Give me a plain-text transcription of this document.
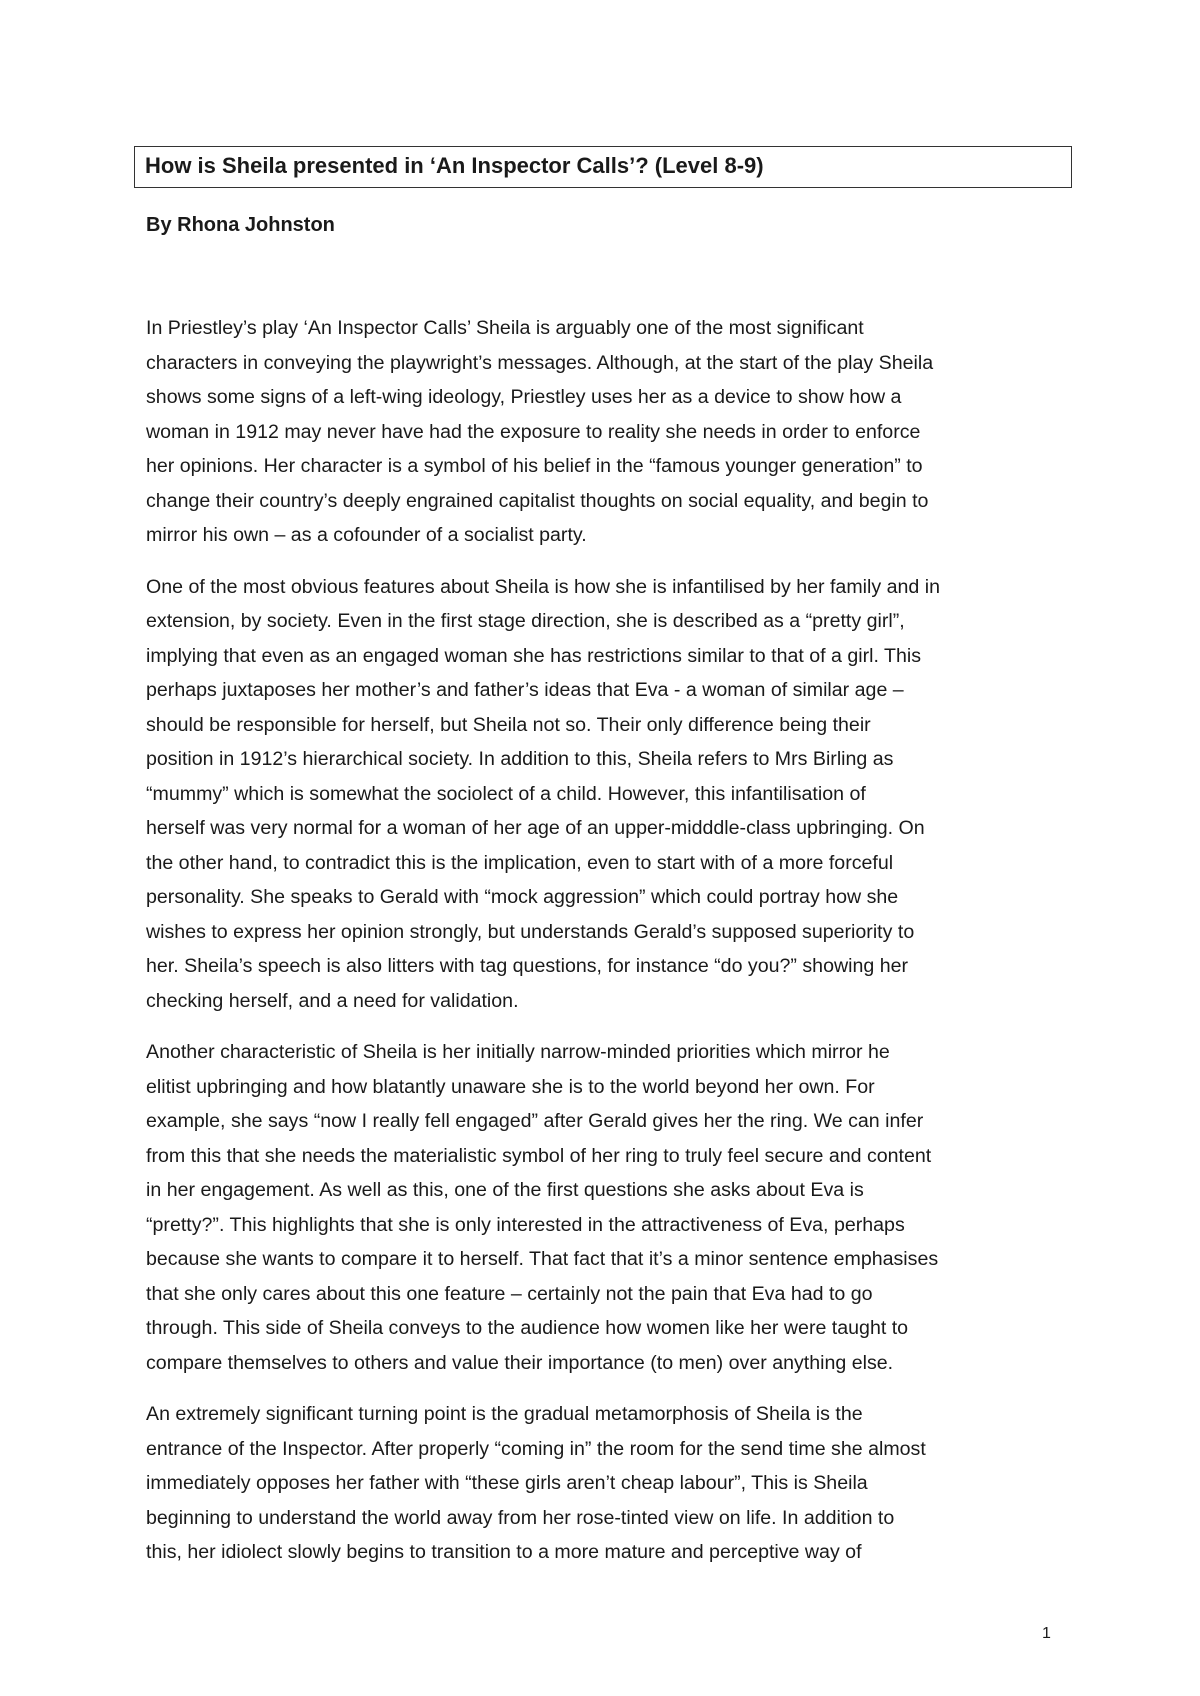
How is Sheila presented in ‘An Inspector Calls’? (Level 8-9)
By Rhona Johnston

In Priestley’s play ‘An Inspector Calls’ Sheila is arguably one of the most significant
characters in conveying the playwright’s messages. Although, at the start of the play Sheila
shows some signs of a left-wing ideology, Priestley uses her as a device to show how a
woman in 1912 may never have had the exposure to reality she needs in order to enforce
her opinions. Her character is a symbol of his belief in the “famous younger generation” to
change their country’s deeply engrained capitalist thoughts on social equality, and begin to
mirror his own – as a cofounder of a socialist party.

One of the most obvious features about Sheila is how she is infantilised by her family and in
extension, by society. Even in the first stage direction, she is described as a “pretty girl”,
implying that even as an engaged woman she has restrictions similar to that of a girl. This
perhaps juxtaposes her mother’s and father’s ideas that Eva - a woman of similar age –
should be responsible for herself, but Sheila not so. Their only difference being their
position in 1912’s hierarchical society. In addition to this, Sheila refers to Mrs Birling as
“mummy” which is somewhat the sociolect of a child. However, this infantilisation of
herself was very normal for a woman of her age of an upper-midddle-class upbringing. On
the other hand, to contradict this is the implication, even to start with of a more forceful
personality. She speaks to Gerald with “mock aggression” which could portray how she
wishes to express her opinion strongly, but understands Gerald’s supposed superiority to
her. Sheila’s speech is also litters with tag questions, for instance “do you?” showing her
checking herself, and a need for validation.

Another characteristic of Sheila is her initially narrow-minded priorities which mirror he
elitist upbringing and how blatantly unaware she is to the world beyond her own. For
example, she says “now I really fell engaged” after Gerald gives her the ring. We can infer
from this that she needs the materialistic symbol of her ring to truly feel secure and content
in her engagement. As well as this, one of the first questions she asks about Eva is
“pretty?”. This highlights that she is only interested in the attractiveness of Eva, perhaps
because she wants to compare it to herself. That fact that it’s a minor sentence emphasises
that she only cares about this one feature – certainly not the pain that Eva had to go
through. This side of Sheila conveys to the audience how women like her were taught to
compare themselves to others and value their importance (to men) over anything else.

An extremely significant turning point is the gradual metamorphosis of Sheila is the
entrance of the Inspector. After properly “coming in” the room for the send time she almost
immediately opposes her father with “these girls aren’t cheap labour”, This is Sheila
beginning to understand the world away from her rose-tinted view on life. In addition to
this, her idiolect slowly begins to transition to a more mature and perceptive way of

1
